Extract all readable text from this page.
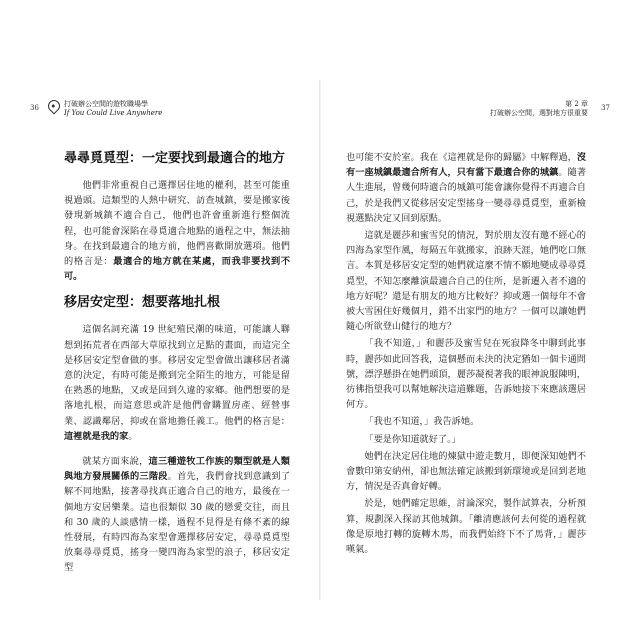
36	打破辦公空間的遊牧職場學
If You Could Live Anywhere
第 2 章
打破辦公空間，選對地方很重要
37
尋尋覓覓型：一定要找到最適合的地方

他們非常重視自己選擇居住地的權利，甚至可能重視過頭。這類型的人熱中研究、訪查城鎮，要是搬家後發現新城鎮不適合自己，他們也許會重新進行整個流程，也可能會深陷在尋覓適合地點的過程之中，無法抽身。在找到最適合的地方前，他們喜歡開放選項。他們的格言是：最適合的地方就在某處，而我非要找到不可。

移居安定型：想要落地扎根

這個名詞充滿 19 世紀殖民潮的味道，可能讓人聯想到拓荒者在西部大草原找到立足點的畫面，而這完全是移居安定型會做的事。移居安定型會做出讓移居者滿意的決定，有時可能是搬到完全陌生的地方，可能是留在熟悉的地點，又或是回到久違的家鄉。他們想要的是落地扎根，而這意思或許是他們會購置房產、經營事業、認識鄰居，抑或在當地擔任義工。他們的格言是：這裡就是我的家。

就某方面來說，這三種遊牧工作族的類型就是人類與地方發展關係的三階段。首先，我們會找到意識到了解不同地點，接著尋找真正適合自己的地方，最後在一個地方安居樂業。這也很類似 30 歲的戀愛交往，而且和 30 歲的人談感情一樣，過程不見得是有條不紊的線性發展，有時四海為家型會選擇移居安定，尋尋覓覓型放棄尋尋覓覓，搖身一變四海為家型的浪子，移居安定型

也可能不安於室。我在《這裡就是你的歸屬》中解釋過，沒有一座城鎮最適合所有人，只有當下最適合你的城鎮。隨著人生進展，曾幾何時適合的城鎮可能會讓你覺得不再適合自己，於是我們又從移居安定型搖身一變尋尋覓覓型，重新檢視選點決定又回到原點。

這就是麗莎和蜜雪兒的情況，對於朋友沒有邀不經心的四海為家型作風，每隔五年就搬家，浪跡天涯，她們吃口無言。本質是移居安定型的她們就這麼不情不願地變成尋尋覓覓型，不知怎麼離演最適合自己的住所，是新遷入者不適的地方好呢？還是有朋友的地方比較好？抑或選一個每年不會被大雪困住好幾個月，錯不出家門的地方？一個可以讓她們隨心所欲登山健行的地方？

「我不知道，」和麗莎及蜜雪兒在死寂降冬中聊到此事時，麗莎如此回答我，這個懸而未決的決定猶如一個卡通問號，漂浮懸掛在她們頭頂，麗莎凝視著我的眼神說服陳明，彷彿指望我可以幫她解決這道難題，告訴她接下來應該選居何方。

「我也不知道，」我告訴她。

「要是你知道就好了。」

她們在決定居住地的煉獄中遊走數月，即便深知她們不會數印第安納州，卻也無法確定該搬到新環境或是回到老地方，情況是否真會好轉。

於是，她們確定思維，討論深究，製作試算表，分析預算，規劃深入探訪其他城鎮。「離清應該何去何從的過程就像是原地打轉的旋轉木馬，而我們始終下不了馬背，」麗莎嘆氣。
